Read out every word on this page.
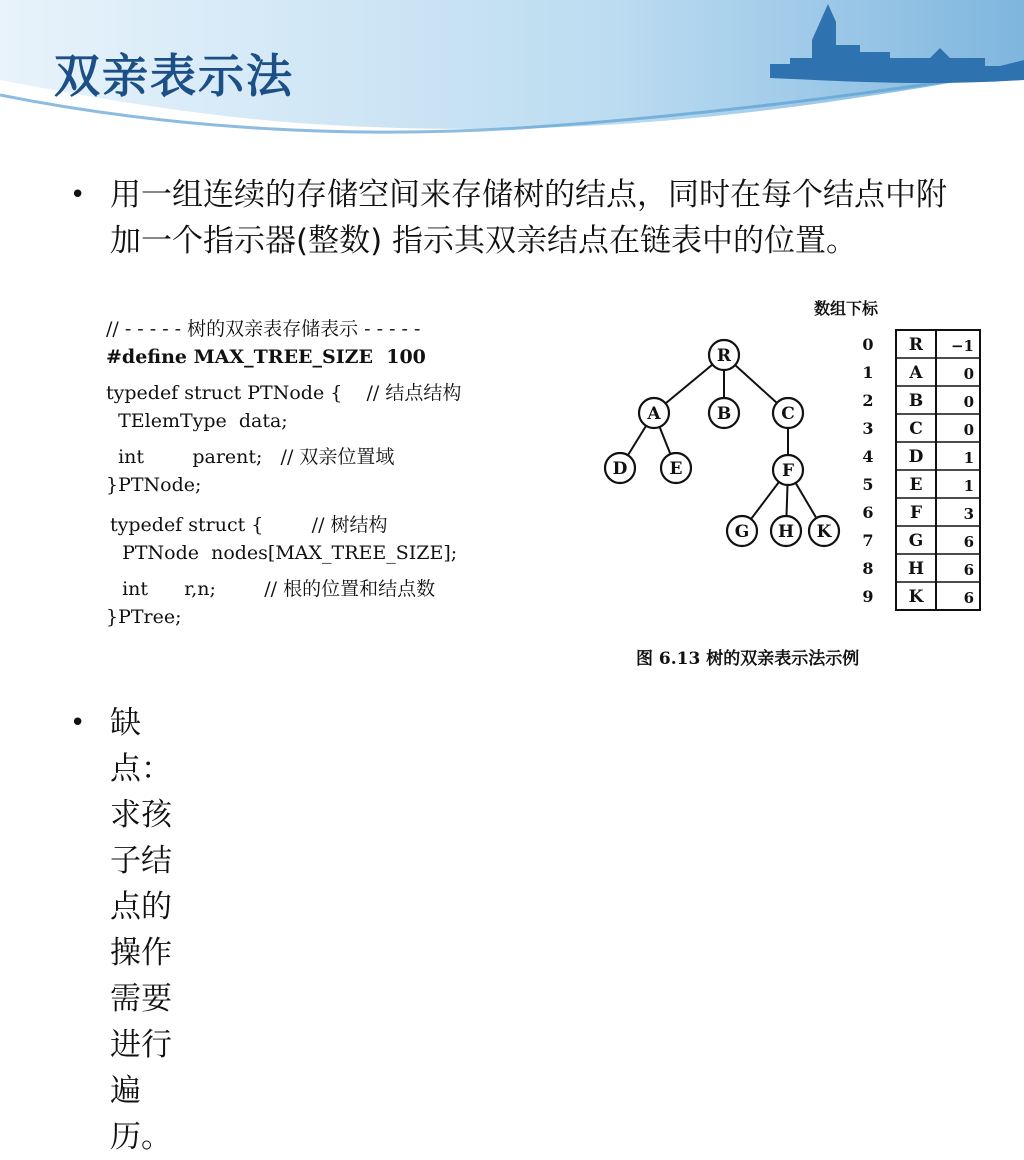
双亲表示法
• 用一组连续的存储空间来存储树的结点，同时在每个结点中附加一个指示器(整数) 指示其双亲结点在链表中的位置。
// - - - - - 树的双亲表存储表示 - - - - -
#define MAX_TREE_SIZE  100
typedef struct PTNode {    // 结点结构
TElemType  data;
int        parent;   // 双亲位置域
}PTNode;
typedef struct {        // 树结构
PTNode  nodes[MAX_TREE_SIZE];
int      r,n;        // 根的位置和结点数
}PTree;
R
A	B	C
D E	F
G H K
数组下标
0 R −1
1 A	0
2 B	0
3 C	0
4 D	1
5 E	1
6 F	3
7 G	6
8 H	6
9 K	6
图 6.13 树的双亲表示法示例
• 缺点：求孩子结点的操作需要进行遍历。
